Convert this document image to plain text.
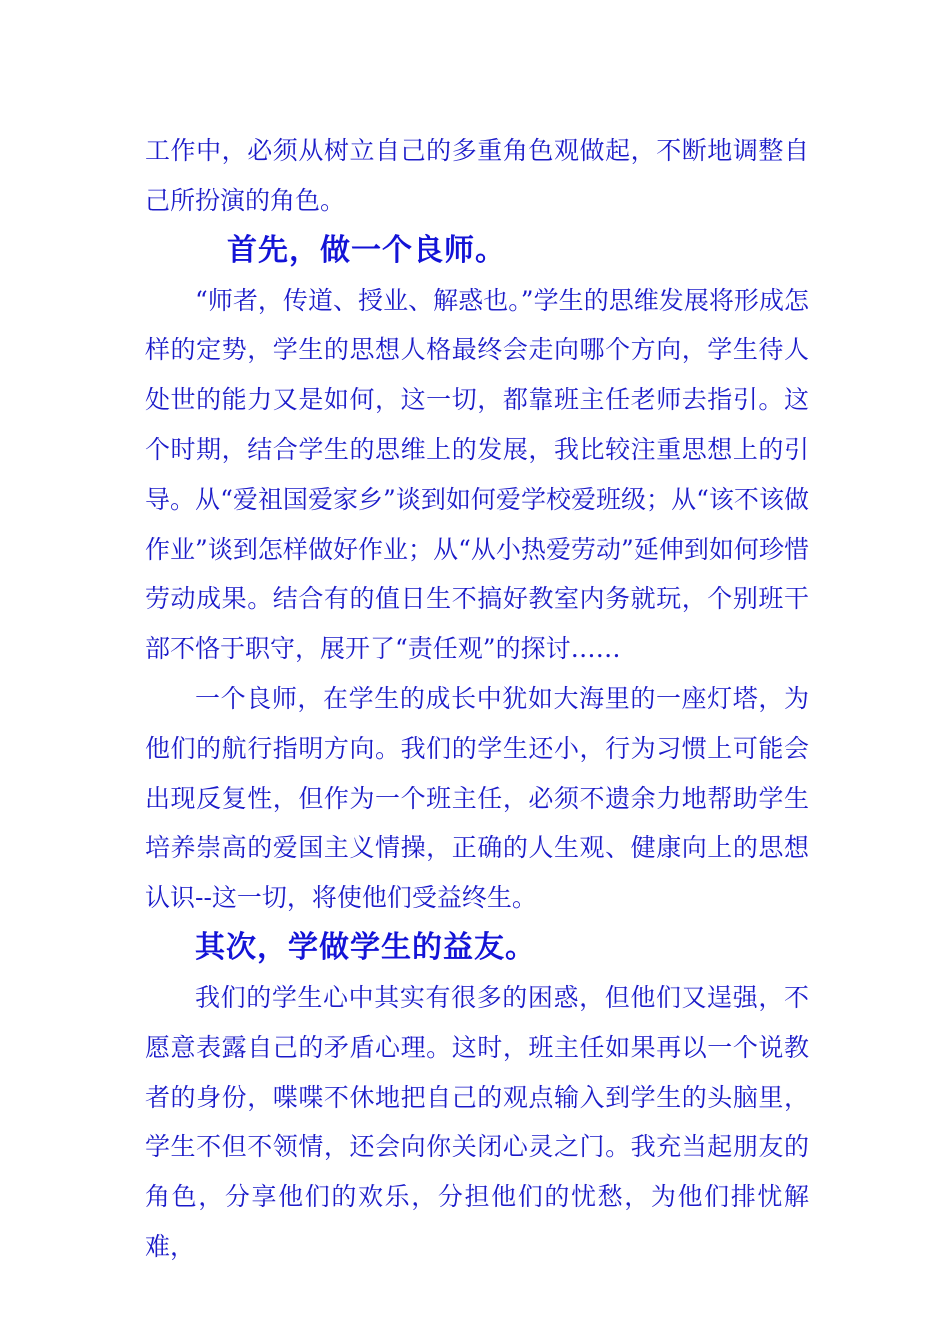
工作中，必须从树立自己的多重角色观做起，不断地调整自己所扮演的角色。

首先，做一个良师。

“师者，传道、授业、解惑也。”学生的思维发展将形成怎样的定势，学生的思想人格最终会走向哪个方向，学生待人处世的能力又是如何，这一切，都靠班主任老师去指引。这个时期，结合学生的思维上的发展，我比较注重思想上的引导。从“爱祖国爱家乡”谈到如何爱学校爱班级；从“该不该做作业”谈到怎样做好作业；从“从小热爱劳动”延伸到如何珍惜劳动成果。结合有的值日生不搞好教室内务就玩，个别班干部不恪于职守，展开了“责任观”的探讨……

一个良师，在学生的成长中犹如大海里的一座灯塔，为他们的航行指明方向。我们的学生还小，行为习惯上可能会出现反复性，但作为一个班主任，必须不遗余力地帮助学生培养崇高的爱国主义情操，正确的人生观、健康向上的思想认识--这一切，将使他们受益终生。

其次，学做学生的益友。

我们的学生心中其实有很多的困惑，但他们又逞强，不愿意表露自己的矛盾心理。这时，班主任如果再以一个说教者的身份，喋喋不休地把自己的观点输入到学生的头脑里，学生不但不领情，还会向你关闭心灵之门。我充当起朋友的角色，分享他们的欢乐，分担他们的忧愁，为他们排忧解难，
